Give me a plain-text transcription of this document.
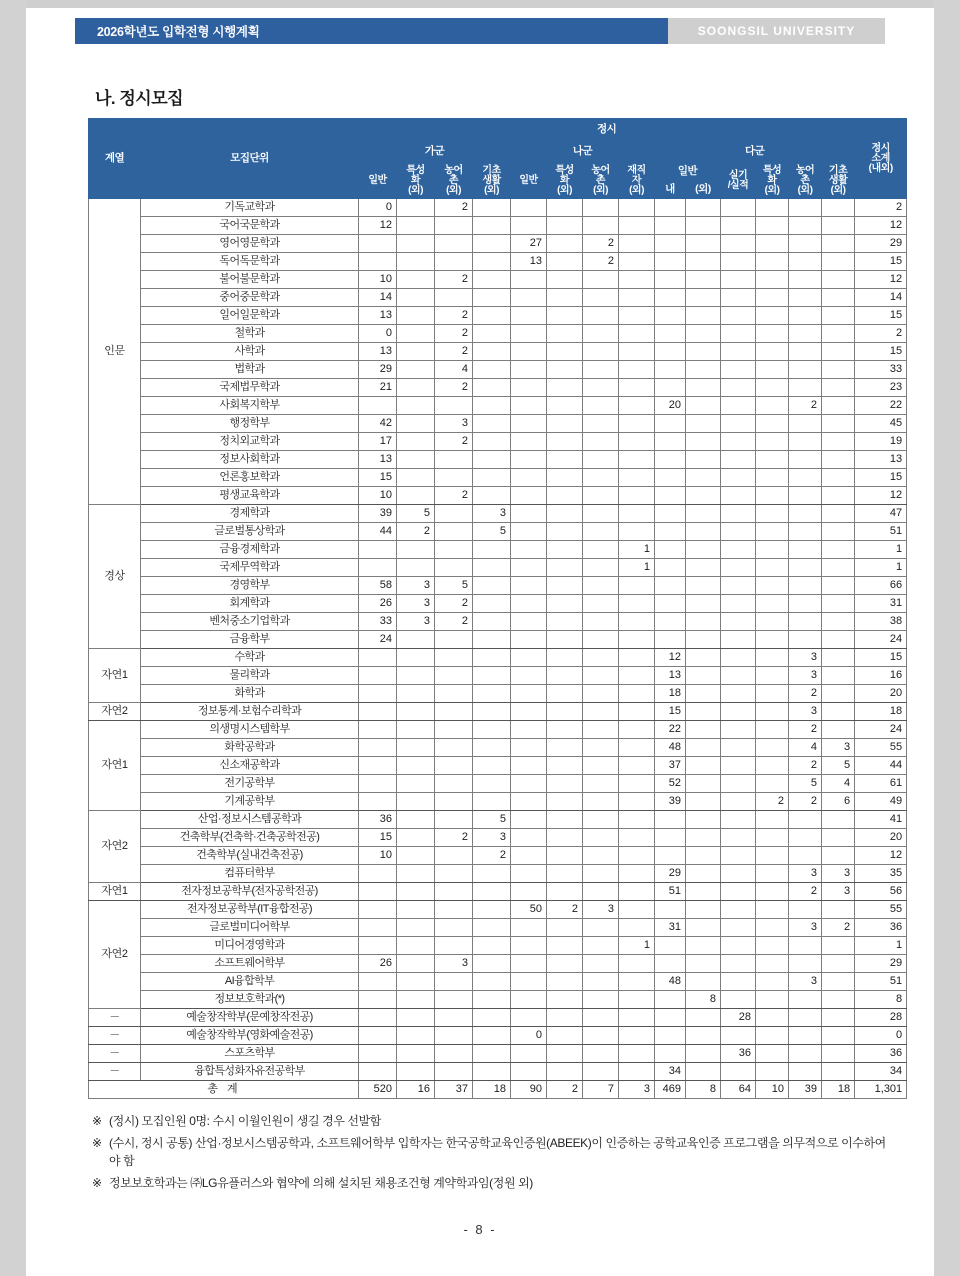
2026학년도 입학전형 시행계획	SOONGSIL UNIVERSITY
나. 정시모집
계열	모집단위	정시														정시
소계
(내외)

		가군				나군				다군						
		일반	특성
화
(외)	농어
촌
(외)	기초
생활
(외)	일반	특성
화
(외)	농어
촌
(외)	재직
자
(외)	일반		실기
/실적	특성
화
(외)	농어
촌
(외)	기초
생활
(외)	

										내	(외)					
인문	기독교학과	0		2												2
	국어국문학과	12														12
	영어영문학과					27		2								29
	독어독문학과					13		2								15
	불어불문학과	10		2												12
	중어중문학과	14														14
	일어일문학과	13		2												15
	철학과	0		2												2
	사학과	13		2												15
	법학과	29		4												33
	국제법무학과	21		2												23
	사회복지학부									20				2		22
	행정학부	42		3												45
	정치외교학과	17		2												19
	정보사회학과	13														13
	언론홍보학과	15														15
	평생교육학과	10		2												12
경상	경제학과	39	5		3											47
	글로벌통상학과	44	2		5											51
	금융경제학과								1							1
	국제무역학과								1							1
	경영학부	58	3	5												66
	회계학과	26	3	2												31
	벤처중소기업학과	33	3	2												38
	금융학부	24														24
자연1	수학과									12				3		15
	물리학과									13				3		16
	화학과									18				2		20
자연2	정보통계·보험수리학과									15				3		18
자연1	의생명시스템학부									22				2		24
	화학공학과									48				4	3	55
	신소재공학과									37				2	5	44
	전기공학부									52				5	4	61
	기계공학부									39			2	2	6	49
자연2	산업·정보시스템공학과	36			5											41
	건축학부(건축학·건축공학전공)	15		2	3											20
	건축학부(실내건축전공)	10			2											12
	컴퓨터학부									29				3	3	35
자연1	전자정보공학부(전자공학전공)									51				2	3	56
자연2	전자정보공학부(IT융합전공)					50	2	3								55
	글로벌미디어학부									31				3	2	36
	미디어경영학과								1							1
	소프트웨어학부	26		3												29
	AI융합학부									48				3		51
	정보보호학과(*)										8					8
－	예술창작학부(문예창작전공)											28				28
－	예술창작학부(영화예술전공)					0										0
－	스포츠학부											36				36
－	융합특성화자유전공학부									34						34
총 계		520	16	37	18	90	2	7	3	469	8	64	10	39	18	1,301
※ (정시) 모집인원 0명: 수시 이월인원이 생길 경우 선발함
※ (수시, 정시 공통) 산업·정보시스템공학과, 소프트웨어학부 입학자는 한국공학교육인증원(ABEEK)이 인증하는 공학교육인증 프로그램을 의무적으로 이수하여야 함
※ 정보보호학과는 ㈜LG유플러스와 협약에 의해 설치된 채용조건형 계약학과임(정원 외)
- 8 -
